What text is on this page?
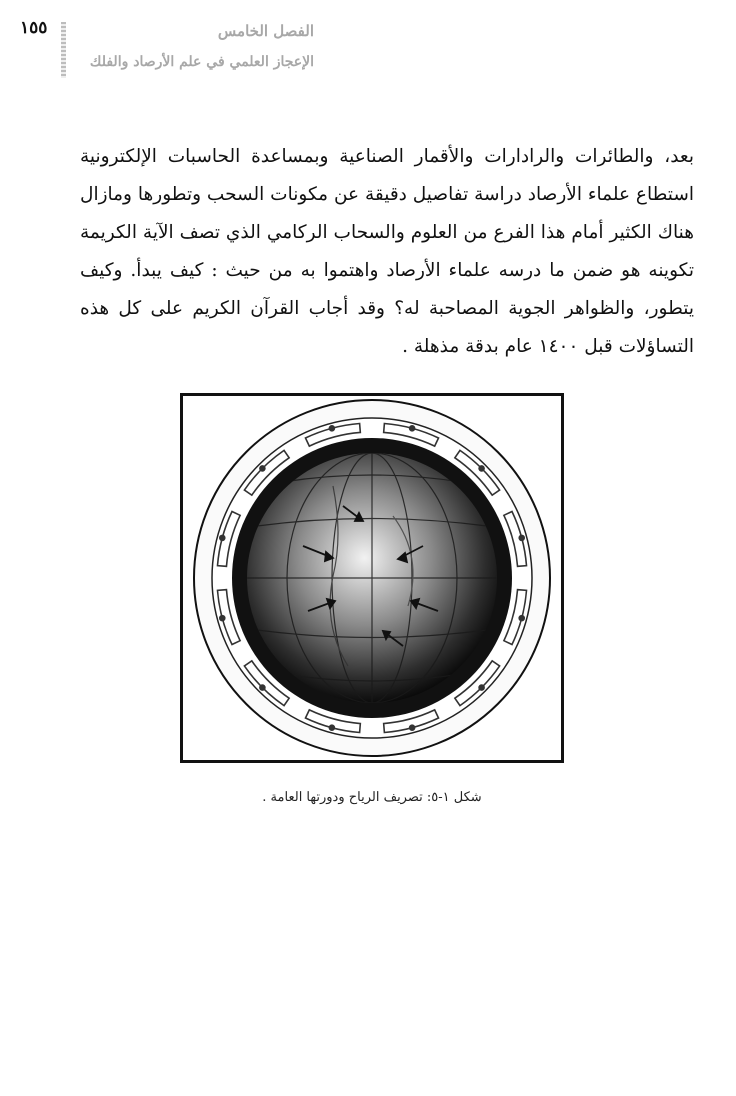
١٥٥	الفصل الخامس
الإعجاز العلمي في علم الأرصاد والفلك

بعد، والطائرات والرادارات والأقمار الصناعية وبمساعدة الحاسبات الإلكترونية استطاع علماء الأرصاد دراسة تفاصيل دقيقة عن مكونات السحب وتطورها ومازال هناك الكثير أمام هذا الفرع من العلوم والسحاب الركامي الذي تصف الآية الكريمة تكوينه هو ضمن ما درسه علماء الأرصاد واهتموا به من حيث : كيف يبدأ. وكيف يتطور، والظواهر الجوية المصاحبة له؟ وقد أجاب القرآن الكريم على كل هذه التساؤلات قبل ١٤٠٠ عام بدقة مذهلة .

شكل ١-٥: تصريف الرياح ودورتها العامة .
